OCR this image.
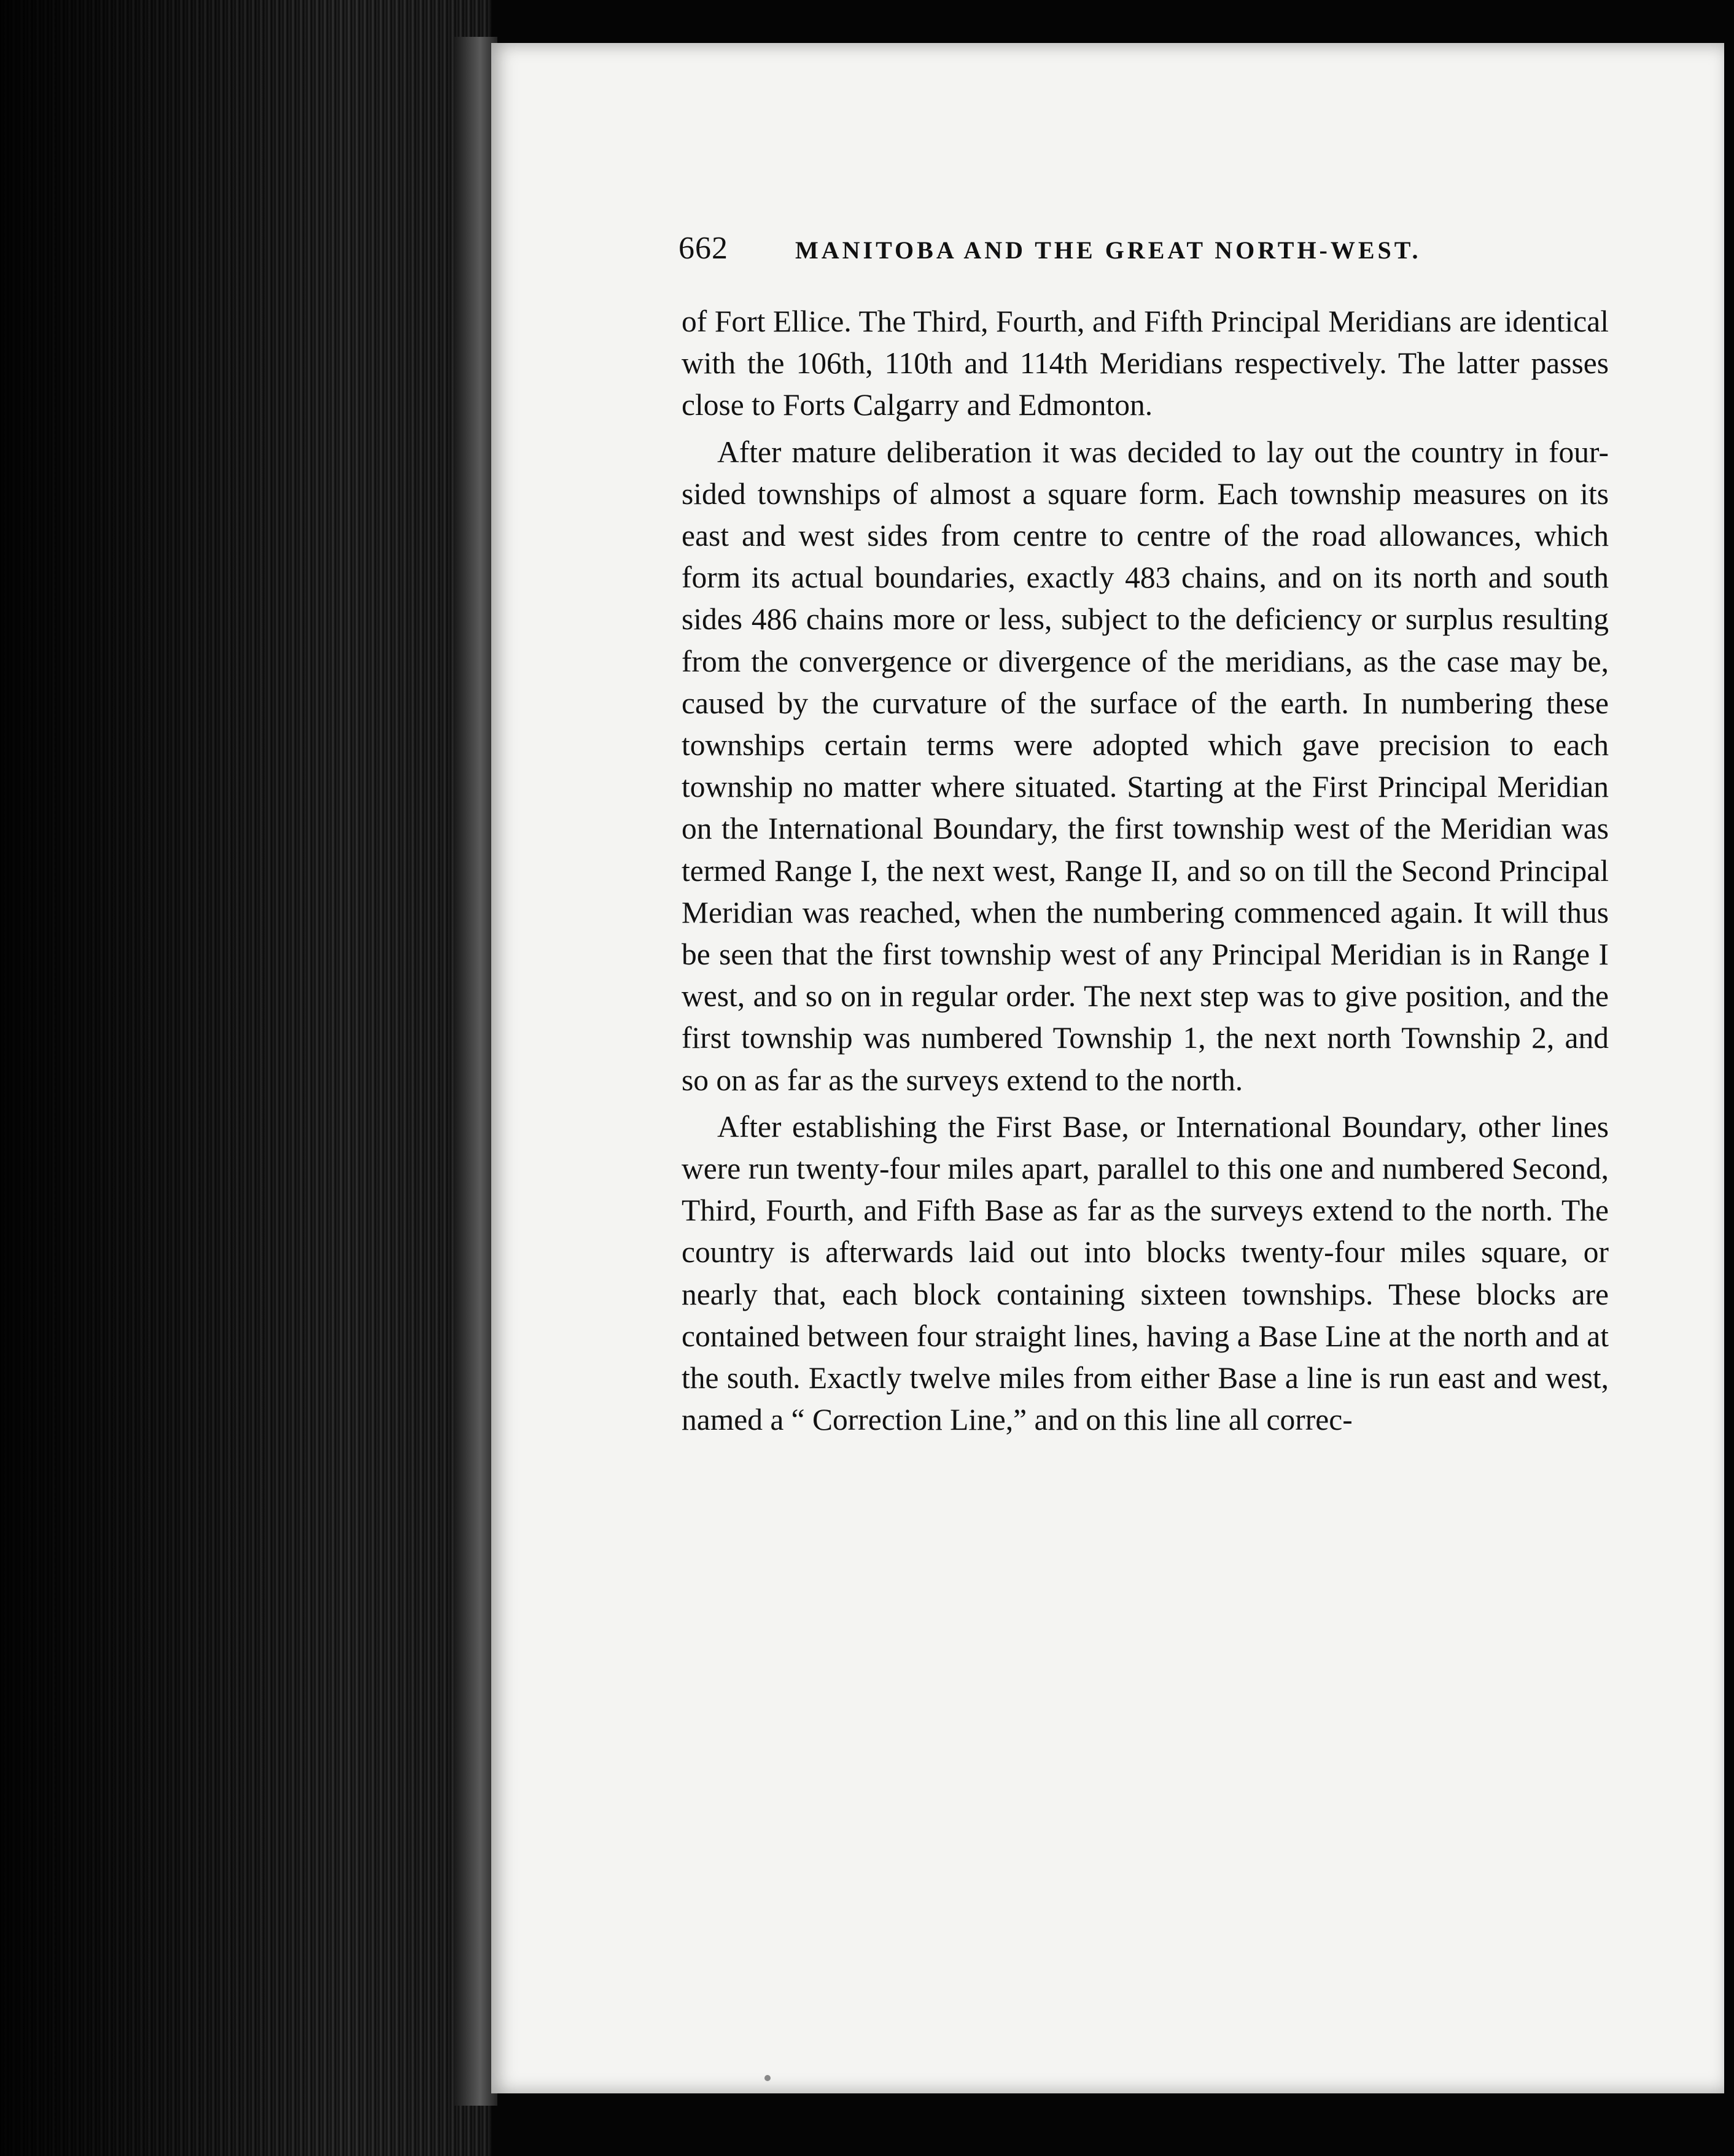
662	MANITOBA AND THE GREAT NORTH-WEST.

of Fort Ellice. The Third, Fourth, and Fifth Principal Meridians are identical with the 106th, 110th and 114th Meridians respectively. The latter passes close to Forts Calgarry and Edmonton.

After mature deliberation it was decided to lay out the country in four-sided townships of almost a square form. Each township measures on its east and west sides from centre to centre of the road allowances, which form its actual boundaries, exactly 483 chains, and on its north and south sides 486 chains more or less, subject to the deficiency or surplus resulting from the convergence or divergence of the meridians, as the case may be, caused by the curvature of the surface of the earth. In numbering these townships certain terms were adopted which gave precision to each township no matter where situated. Starting at the First Principal Meridian on the International Boundary, the first township west of the Meridian was termed Range I, the next west, Range II, and so on till the Second Principal Meridian was reached, when the numbering commenced again. It will thus be seen that the first township west of any Principal Meridian is in Range I west, and so on in regular order. The next step was to give position, and the first township was numbered Township 1, the next north Township 2, and so on as far as the surveys extend to the north.

After establishing the First Base, or International Boundary, other lines were run twenty-four miles apart, parallel to this one and numbered Second, Third, Fourth, and Fifth Base as far as the surveys extend to the north. The country is afterwards laid out into blocks twenty-four miles square, or nearly that, each block containing sixteen townships. These blocks are contained between four straight lines, having a Base Line at the north and at the south. Exactly twelve miles from either Base a line is run east and west, named a “ Correction Line,” and on this line all correc-
